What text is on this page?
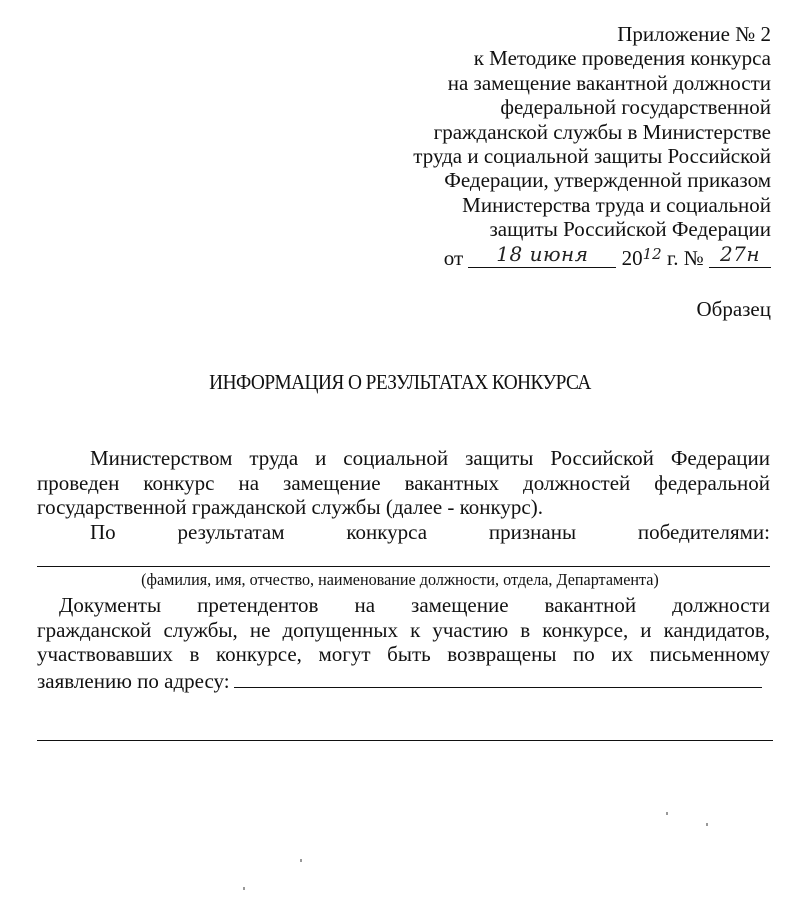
Приложение № 2
к Методике проведения конкурса
на замещение вакантной должности
федеральной государственной
гражданской службы в Министерстве
труда и социальной защиты Российской
Федерации, утвержденной приказом
Министерства труда и социальной
защиты Российской Федерации
от 18 июня $20^{12}$ г. № 27н
Образец
ИНФОРМАЦИЯ О РЕЗУЛЬТАТАХ КОНКУРСА
Министерством труда и социальной защиты Российской Федерации
проведен конкурс на замещение вакантных должностей федеральной
государственной гражданской службы (далее - конкурс).
По результатам конкурса признаны победителями:
(фамилия, имя, отчество, наименование должности, отдела, Департамента)
Документы претендентов на замещение вакантной должности
гражданской службы, не допущенных к участию в конкурсе, и кандидатов,
участвовавших в конкурсе, могут быть возвращены по их письменному
заявлению по адресу:
